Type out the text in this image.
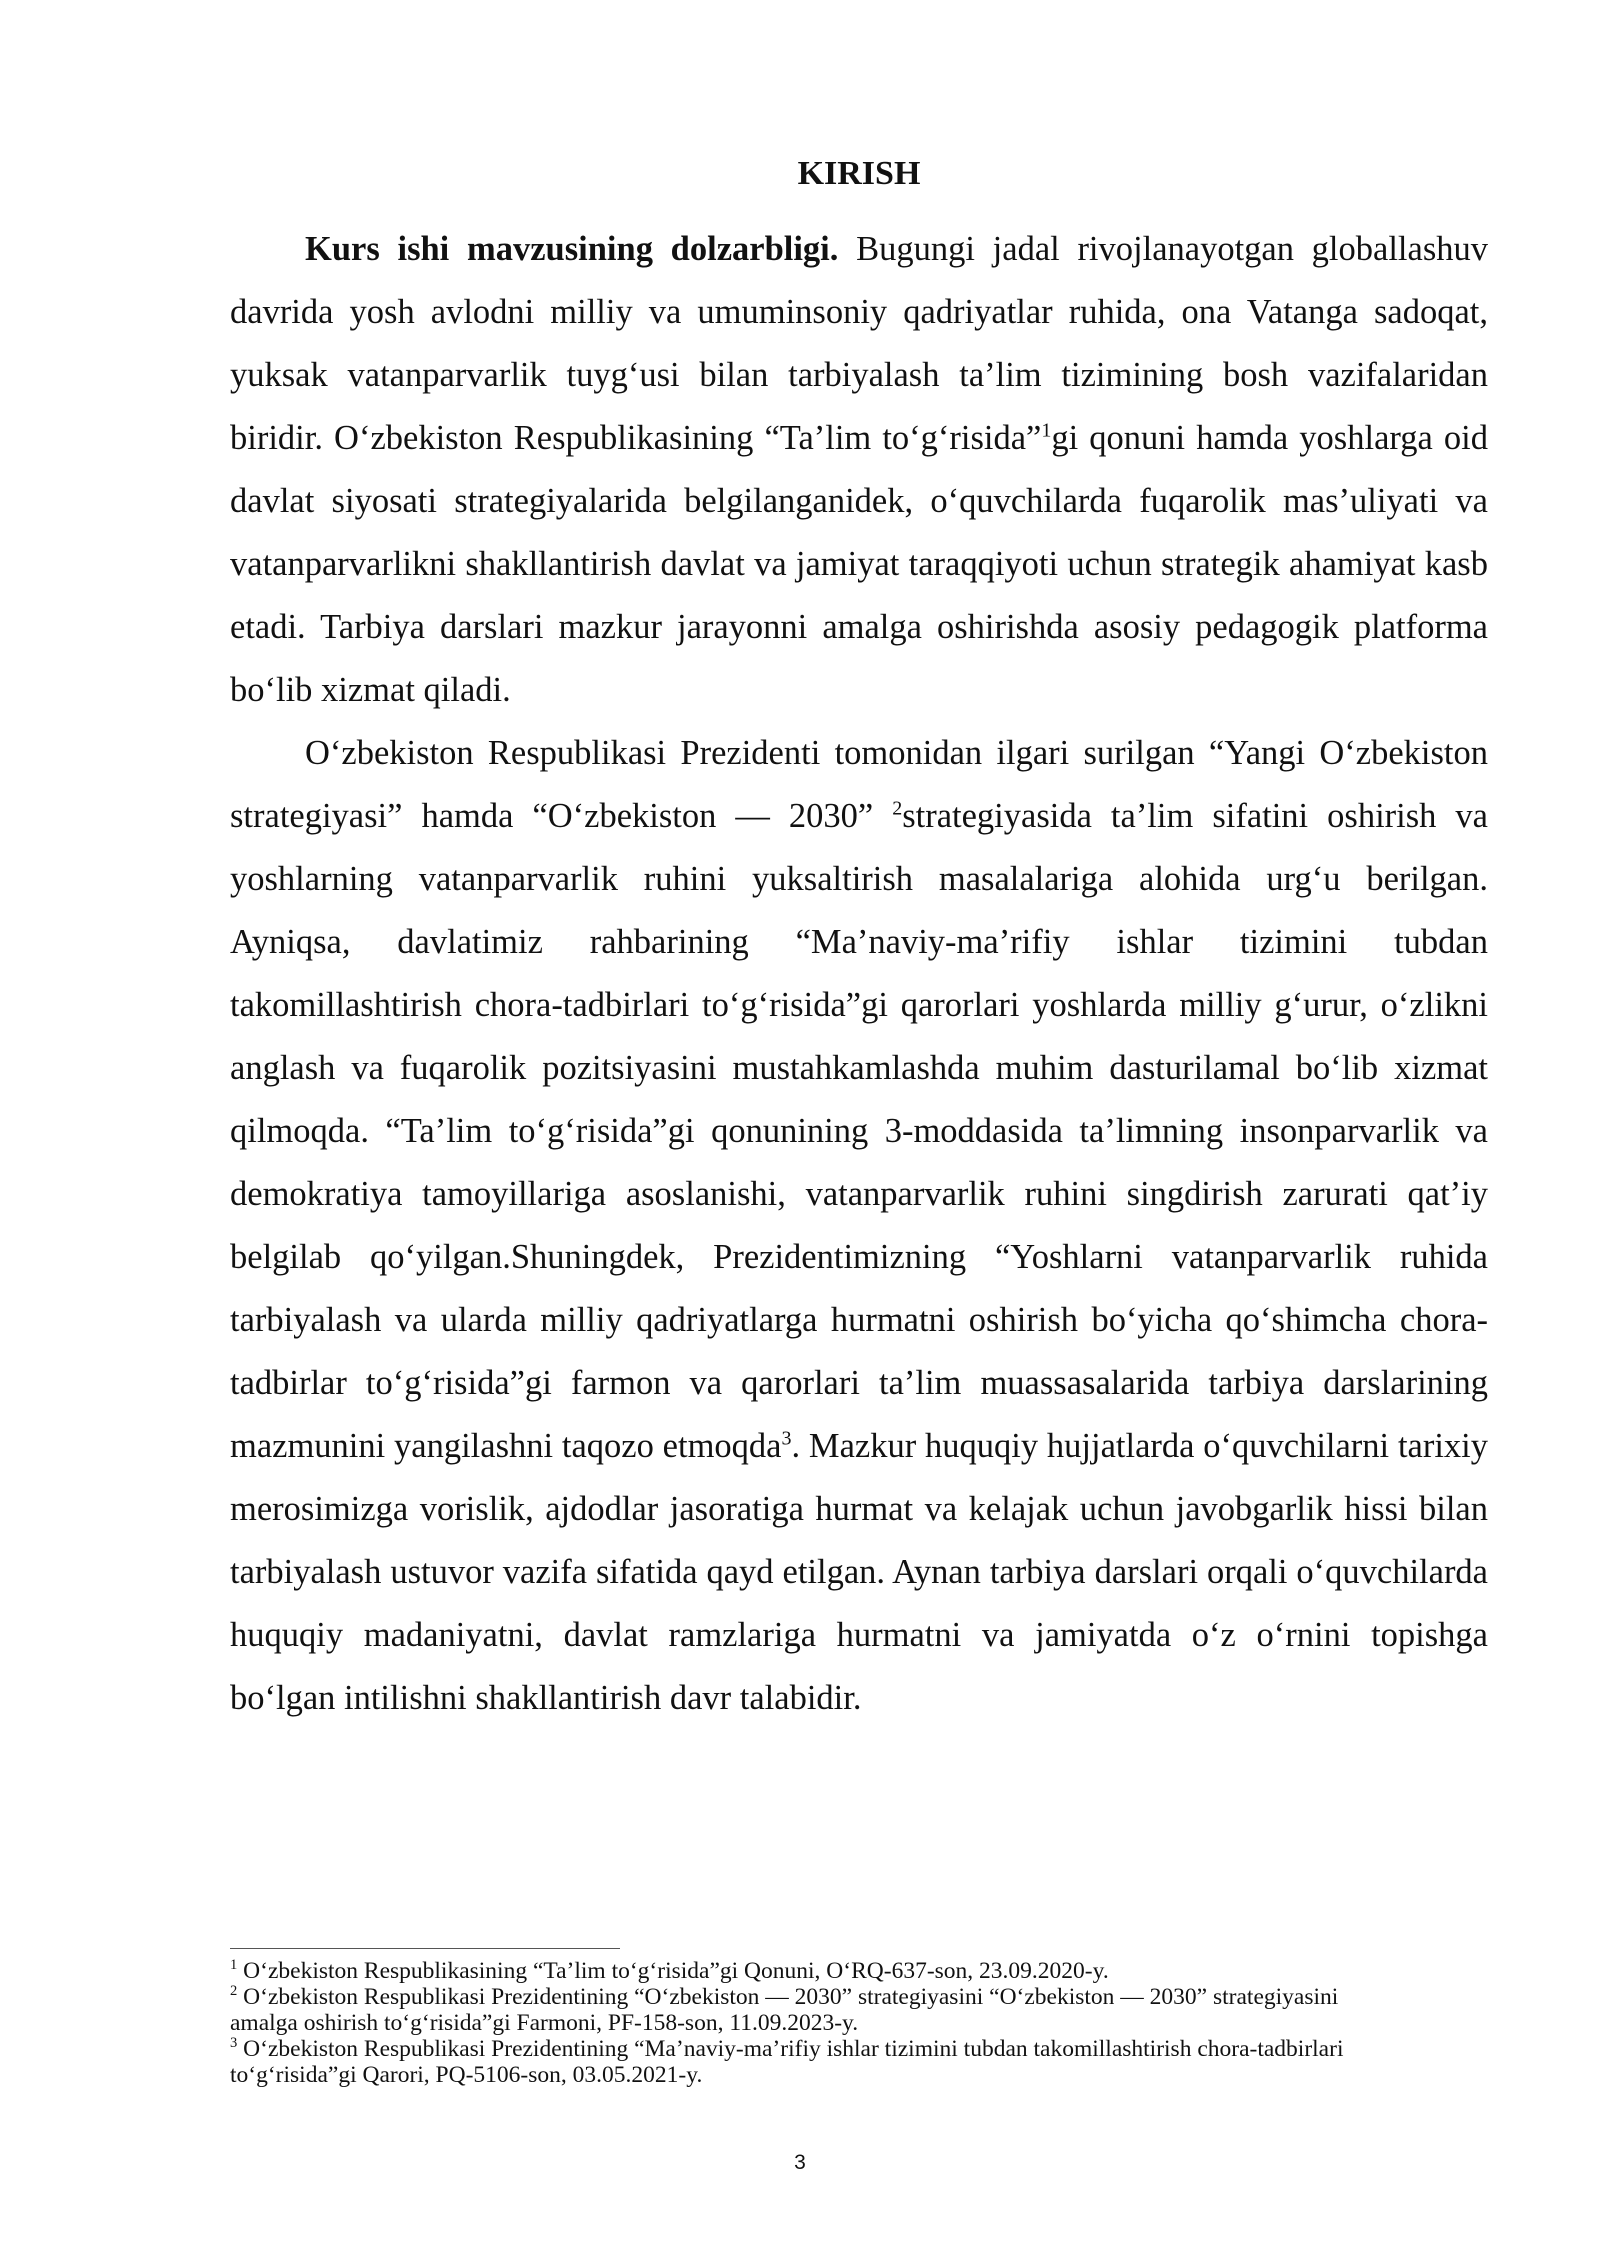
KIRISH

Kurs ishi mavzusining dolzarbligi. Bugungi jadal rivojlanayotgan globallashuv davrida yosh avlodni milliy va umuminsoniy qadriyatlar ruhida, ona Vatanga sadoqat, yuksak vatanparvarlik tuyg‘usi bilan tarbiyalash ta’lim tizimining bosh vazifalaridan biridir. O‘zbekiston Respublikasining “Ta’lim to‘g‘risida”$^1$gi qonuni hamda yoshlarga oid davlat siyosati strategiyalarida belgilanganidek, o‘quvchilarda fuqarolik mas’uliyati va vatanparvarlikni shakllantirish davlat va jamiyat taraqqiyoti uchun strategik ahamiyat kasb etadi. Tarbiya darslari mazkur jarayonni amalga oshirishda asosiy pedagogik platforma bo‘lib xizmat qiladi.

O‘zbekiston Respublikasi Prezidenti tomonidan ilgari surilgan “Yangi O‘zbekiston strategiyasi” hamda “O‘zbekiston — 2030” $^2$strategiyasida ta’lim sifatini oshirish va yoshlarning vatanparvarlik ruhini yuksaltirish masalalariga alohida urg‘u berilgan. Ayniqsa, davlatimiz rahbarining “Ma’naviy-ma’rifiy ishlar tizimini tubdan takomillashtirish chora-tadbirlari to‘g‘risida”gi qarorlari yoshlarda milliy g‘urur, o‘zlikni anglash va fuqarolik pozitsiyasini mustahkamlashda muhim dasturilamal bo‘lib xizmat qilmoqda. “Ta’lim to‘g‘risida”gi qonunining 3-moddasida ta’limning insonparvarlik va demokratiya tamoyillariga asoslanishi, vatanparvarlik ruhini singdirish zarurati qat’iy belgilab qo‘yilgan.Shuningdek, Prezidentimizning “Yoshlarni vatanparvarlik ruhida tarbiyalash va ularda milliy qadriyatlarga hurmatni oshirish bo‘yicha qo‘shimcha chora-tadbirlar to‘g‘risida”gi farmon va qarorlari ta’lim muassasalarida tarbiya darslarining mazmunini yangilashni taqozo etmoqda$^3$. Mazkur huquqiy hujjatlarda o‘quvchilarni tarixiy merosimizga vorislik, ajdodlar jasoratiga hurmat va kelajak uchun javobgarlik hissi bilan tarbiyalash ustuvor vazifa sifatida qayd etilgan. Aynan tarbiya darslari orqali o‘quvchilarda huquqiy madaniyatni, davlat ramzlariga hurmatni va jamiyatda o‘z o‘rnini topishga bo‘lgan intilishni shakllantirish davr talabidir.

$^1$ O‘zbekiston Respublikasining “Ta’lim to‘g‘risida”gi Qonuni, O‘RQ-637-son, 23.09.2020-y.

$^2$ O‘zbekiston Respublikasi Prezidentining “O‘zbekiston — 2030” strategiyasini “O‘zbekiston — 2030” strategiyasini amalga oshirish to‘g‘risida”gi Farmoni, PF-158-son, 11.09.2023-y.

$^3$ O‘zbekiston Respublikasi Prezidentining “Ma’naviy-ma’rifiy ishlar tizimini tubdan takomillashtirish chora-tadbirlari to‘g‘risida”gi Qarori, PQ-5106-son, 03.05.2021-y.

3
